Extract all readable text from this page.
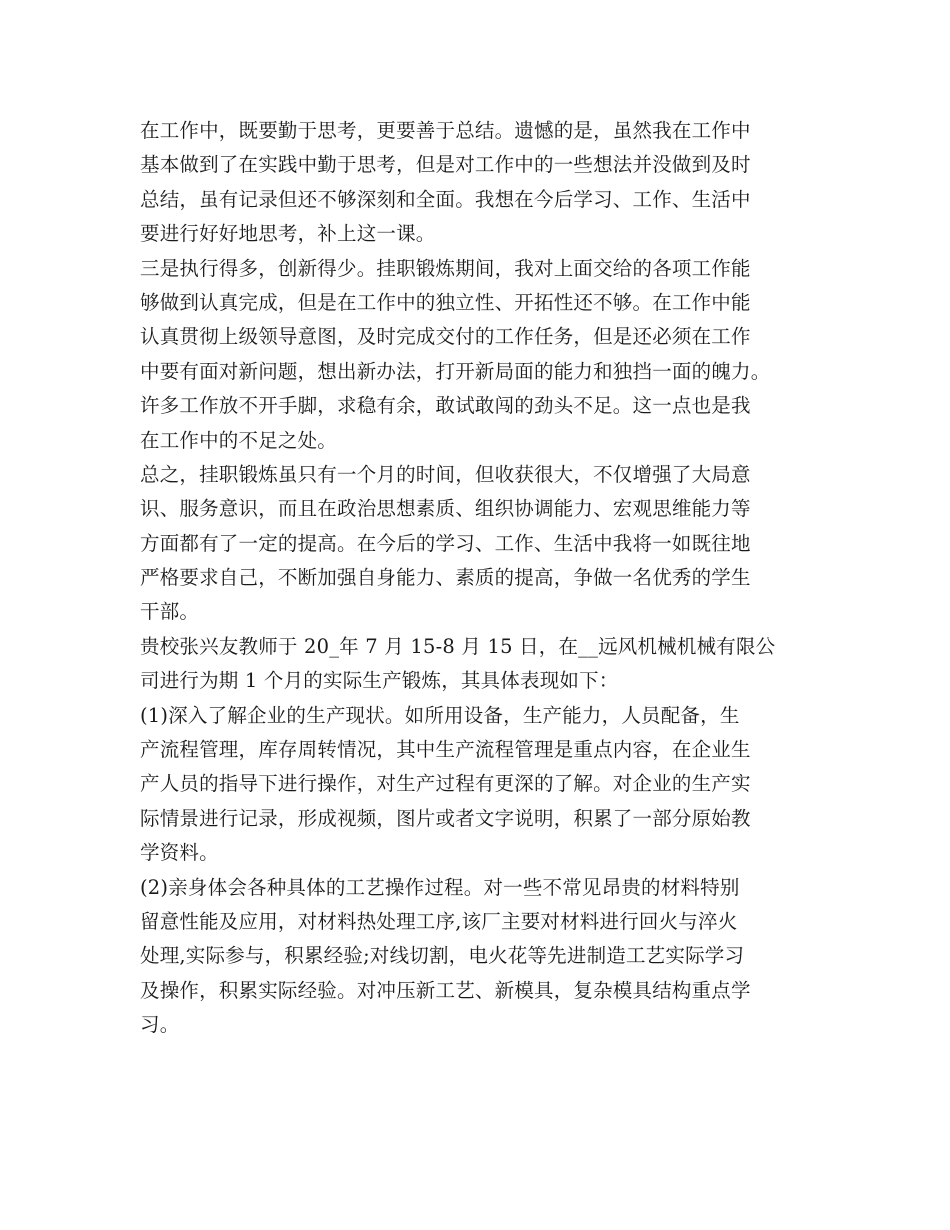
在工作中，既要勤于思考，更要善于总结。遗憾的是，虽然我在工作中
基本做到了在实践中勤于思考，但是对工作中的一些想法并没做到及时
总结，虽有记录但还不够深刻和全面。我想在今后学习、工作、生活中
要进行好好地思考，补上这一课。
三是执行得多，创新得少。挂职锻炼期间，我对上面交给的各项工作能
够做到认真完成，但是在工作中的独立性、开拓性还不够。在工作中能
认真贯彻上级领导意图，及时完成交付的工作任务，但是还必须在工作
中要有面对新问题，想出新办法，打开新局面的能力和独挡一面的魄力。
许多工作放不开手脚，求稳有余，敢试敢闯的劲头不足。这一点也是我
在工作中的不足之处。
总之，挂职锻炼虽只有一个月的时间，但收获很大，不仅增强了大局意
识、服务意识，而且在政治思想素质、组织协调能力、宏观思维能力等
方面都有了一定的提高。在今后的学习、工作、生活中我将一如既往地
严格要求自己，不断加强自身能力、素质的提高，争做一名优秀的学生
干部。
贵校张兴友教师于 20_年 7 月 15-8 月 15 日，在__远风机械机械有限公
司进行为期 1 个月的实际生产锻炼，其具体表现如下：
(1)深入了解企业的生产现状。如所用设备，生产能力，人员配备，生
产流程管理，库存周转情况，其中生产流程管理是重点内容，在企业生
产人员的指导下进行操作，对生产过程有更深的了解。对企业的生产实
际情景进行记录，形成视频，图片或者文字说明，积累了一部分原始教
学资料。
(2)亲身体会各种具体的工艺操作过程。对一些不常见昂贵的材料特别
留意性能及应用，对材料热处理工序,该厂主要对材料进行回火与淬火
处理,实际参与，积累经验;对线切割，电火花等先进制造工艺实际学习
及操作，积累实际经验。对冲压新工艺、新模具，复杂模具结构重点学
习。
